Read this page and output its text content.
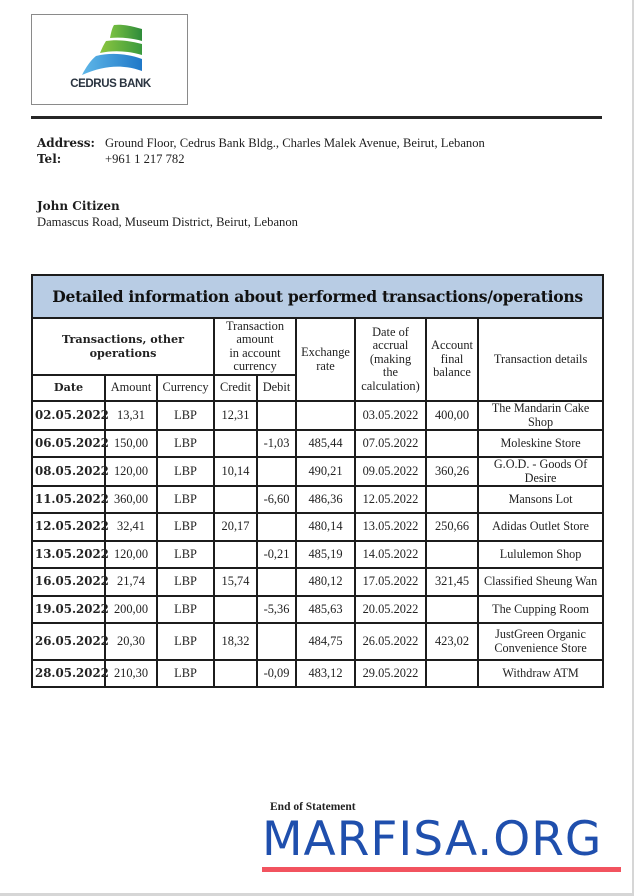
CEDRUS BANK
Address: Ground Floor, Cedrus Bank Bldg., Charles Malek Avenue, Beirut, Lebanon
Tel:	+961 1 217 782
John Citizen
Damascus Road, Museum District, Beirut, Lebanon
Detailed information about performed transactions/operations								
Transactions, other operations			Transaction
amount
in account
currency		Exchange
rate	Date of
accrual
(making
the
calculation)	Account
final
balance	Transaction details
Date	Amount	Currency	Credit	Debit				
02.05.2022	13,31	LBP	12,31			03.05.2022	400,00	The Mandarin Cake Shop
06.05.2022	150,00	LBP		-1,03	485,44	07.05.2022		Moleskine Store
08.05.2022	120,00	LBP	10,14		490,21	09.05.2022	360,26	G.O.D. - Goods Of Desire
11.05.2022	360,00	LBP		-6,60	486,36	12.05.2022		Mansons Lot
12.05.2022	32,41	LBP	20,17		480,14	13.05.2022	250,66	Adidas Outlet Store
13.05.2022	120,00	LBP		-0,21	485,19	14.05.2022		Lululemon Shop
16.05.2022	21,74	LBP	15,74		480,12	17.05.2022	321,45	Classified Sheung Wan
19.05.2022	200,00	LBP		-5,36	485,63	20.05.2022		The Cupping Room
26.05.2022	20,30	LBP	18,32		484,75	26.05.2022	423,02	JustGreen Organic Convenience Store
28.05.2022	210,30	LBP		-0,09	483,12	29.05.2022		Withdraw ATM
End of Statement
MARFISA.ORG
